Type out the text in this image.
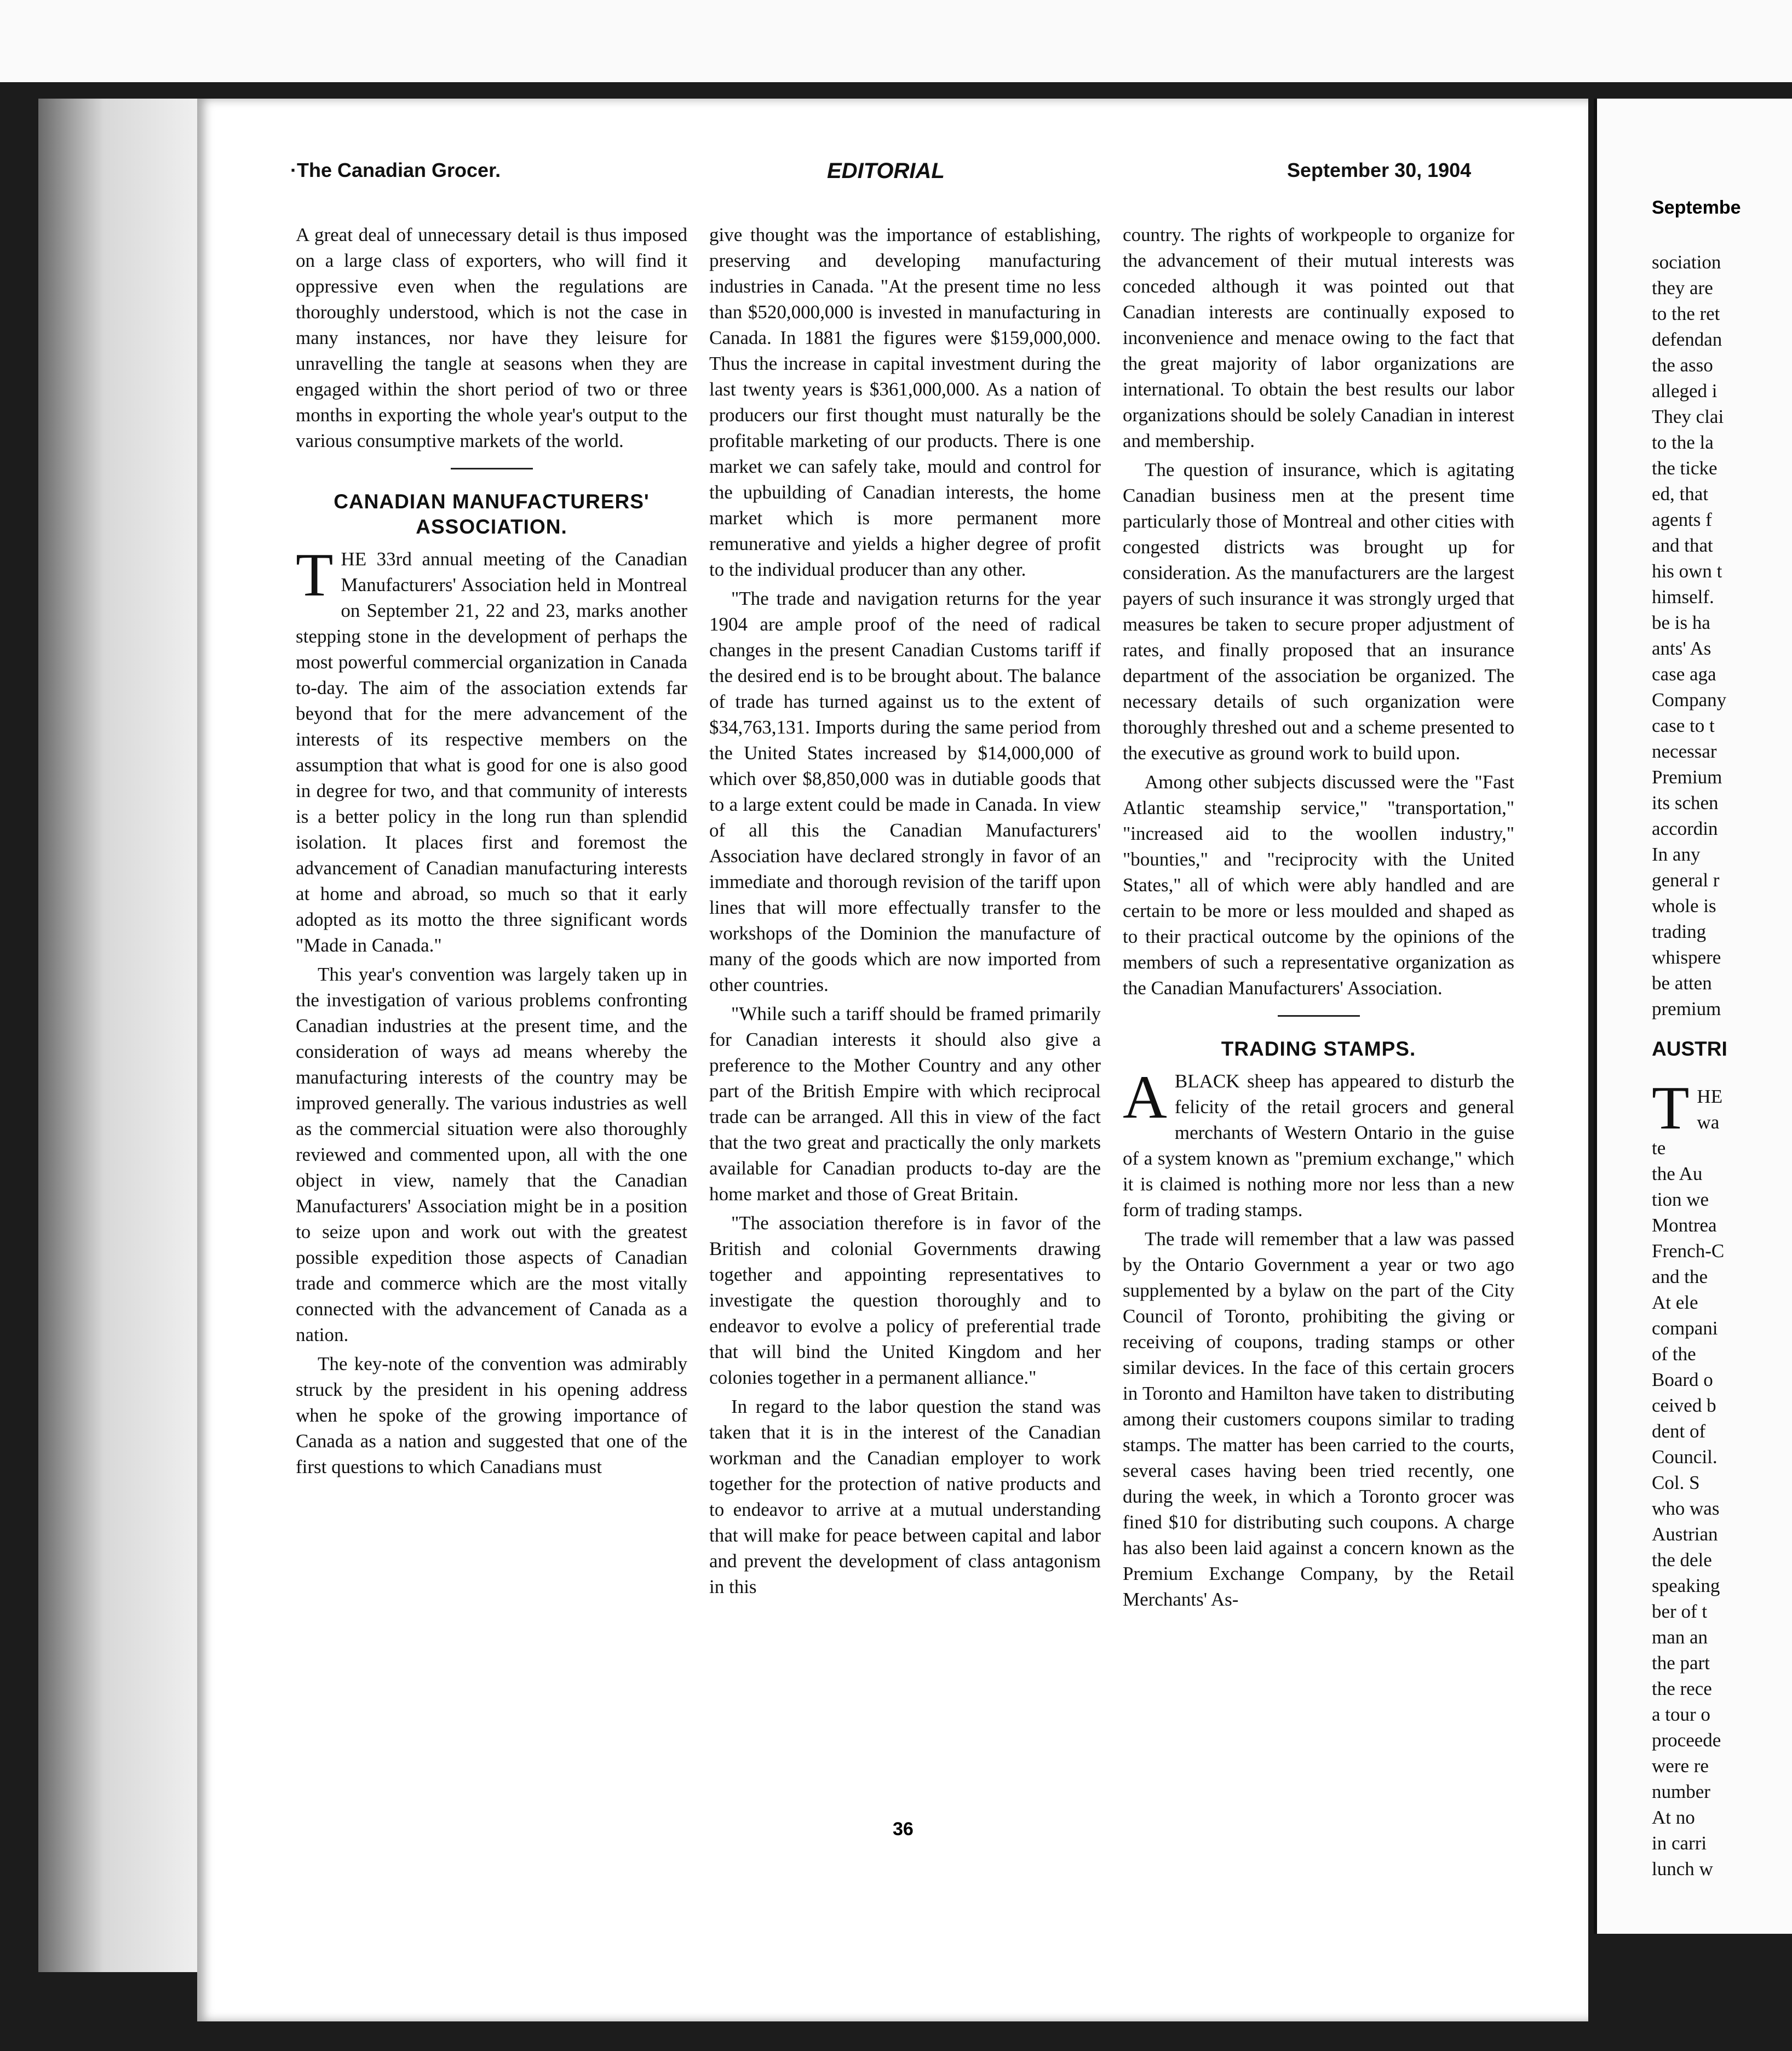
·The Canadian Grocer.	EDITORIAL	September 30, 1904

A great deal of unnecessary detail is thus imposed on a large class of exporters, who will find it oppressive even when the regulations are thoroughly understood, which is not the case in many instances, nor have they leisure for unravelling the tangle at seasons when they are engaged within the short period of two or three months in exporting the whole year's output to the various consumptive markets of the world.

CANADIAN MANUFACTURERS' ASSOCIATION.

THE 33rd annual meeting of the Canadian Manufacturers' Association held in Montreal on September 21, 22 and 23, marks another stepping stone in the development of perhaps the most powerful commercial organization in Canada to-day. The aim of the association extends far beyond that for the mere advancement of the interests of its respective members on the assumption that what is good for one is also good in degree for two, and that community of interests is a better policy in the long run than splendid isolation. It places first and foremost the advancement of Canadian manufacturing interests at home and abroad, so much so that it early adopted as its motto the three significant words "Made in Canada."

This year's convention was largely taken up in the investigation of various problems confronting Canadian industries at the present time, and the consideration of ways ad means whereby the manufacturing interests of the country may be improved generally. The various industries as well as the commercial situation were also thoroughly reviewed and commented upon, all with the one object in view, namely that the Canadian Manufacturers' Association might be in a position to seize upon and work out with the greatest possible expedition those aspects of Canadian trade and commerce which are the most vitally connected with the advancement of Canada as a nation.

The key-note of the convention was admirably struck by the president in his opening address when he spoke of the growing importance of Canada as a nation and suggested that one of the first questions to which Canadians must

give thought was the importance of establishing, preserving and developing manufacturing industries in Canada. "At the present time no less than $520,000,000 is invested in manufacturing in Canada. In 1881 the figures were $159,000,000. Thus the increase in capital investment during the last twenty years is $361,000,000. As a nation of producers our first thought must naturally be the profitable marketing of our products. There is one market we can safely take, mould and control for the upbuilding of Canadian interests, the home market which is more permanent more remunerative and yields a higher degree of profit to the individual producer than any other.

"The trade and navigation returns for the year 1904 are ample proof of the need of radical changes in the present Canadian Customs tariff if the desired end is to be brought about. The balance of trade has turned against us to the extent of $34,763,131. Imports during the same period from the United States increased by $14,000,000 of which over $8,850,000 was in dutiable goods that to a large extent could be made in Canada. In view of all this the Canadian Manufacturers' Association have declared strongly in favor of an immediate and thorough revision of the tariff upon lines that will more effectually transfer to the workshops of the Dominion the manufacture of many of the goods which are now imported from other countries.

"While such a tariff should be framed primarily for Canadian interests it should also give a preference to the Mother Country and any other part of the British Empire with which reciprocal trade can be arranged. All this in view of the fact that the two great and practically the only markets available for Canadian products to-day are the home market and those of Great Britain.

"The association therefore is in favor of the British and colonial Governments drawing together and appointing representatives to investigate the question thoroughly and to endeavor to evolve a policy of preferential trade that will bind the United Kingdom and her colonies together in a permanent alliance."

In regard to the labor question the stand was taken that it is in the interest of the Canadian workman and the Canadian employer to work together for the protection of native products and to endeavor to arrive at a mutual understanding that will make for peace between capital and labor and prevent the development of class antagonism in this

country. The rights of workpeople to organize for the advancement of their mutual interests was conceded although it was pointed out that Canadian interests are continually exposed to inconvenience and menace owing to the fact that the great majority of labor organizations are international. To obtain the best results our labor organizations should be solely Canadian in interest and membership.

The question of insurance, which is agitating Canadian business men at the present time particularly those of Montreal and other cities with congested districts was brought up for consideration. As the manufacturers are the largest payers of such insurance it was strongly urged that measures be taken to secure proper adjustment of rates, and finally proposed that an insurance department of the association be organized. The necessary details of such organization were thoroughly threshed out and a scheme presented to the executive as ground work to build upon.

Among other subjects discussed were the "Fast Atlantic steamship service," "transportation," "increased aid to the woollen industry," "bounties," and "reciprocity with the United States," all of which were ably handled and are certain to be more or less moulded and shaped as to their practical outcome by the opinions of the members of such a representative organization as the Canadian Manufacturers' Association.

TRADING STAMPS.

ABLACK sheep has appeared to disturb the felicity of the retail grocers and general merchants of Western Ontario in the guise of a system known as "premium exchange," which it is claimed is nothing more nor less than a new form of trading stamps.

The trade will remember that a law was passed by the Ontario Government a year or two ago supplemented by a bylaw on the part of the City Council of Toronto, prohibiting the giving or receiving of coupons, trading stamps or other similar devices. In the face of this certain grocers in Toronto and Hamilton have taken to distributing among their customers coupons similar to trading stamps. The matter has been carried to the courts, several cases having been tried recently, one during the week, in which a Toronto grocer was fined $10 for distributing such coupons. A charge has also been laid against a concern known as the Premium Exchange Company, by the Retail Merchants' As-

36
Septembe
sociation
they are
to the ret
defendan
the asso
alleged i
They clai
to the la
the ticke
ed, that
agents f
and that
his own t
himself.
be is ha
ants' As
case aga
Company
case to t
necessar
Premium
its schen
accordin
In any
general r
whole is
trading
whispere
be atten
premium
AUSTRI
T HE
wa
te
the Au
tion we
Montrea
French-C
and the
At ele
compani
of the
Board o
ceived b
dent of
Council.
Col. S
who was
Austrian
the dele
speaking
ber of t
man an
the part
the rece
a tour o
proceede
were re
number
At no
in carri
lunch w
